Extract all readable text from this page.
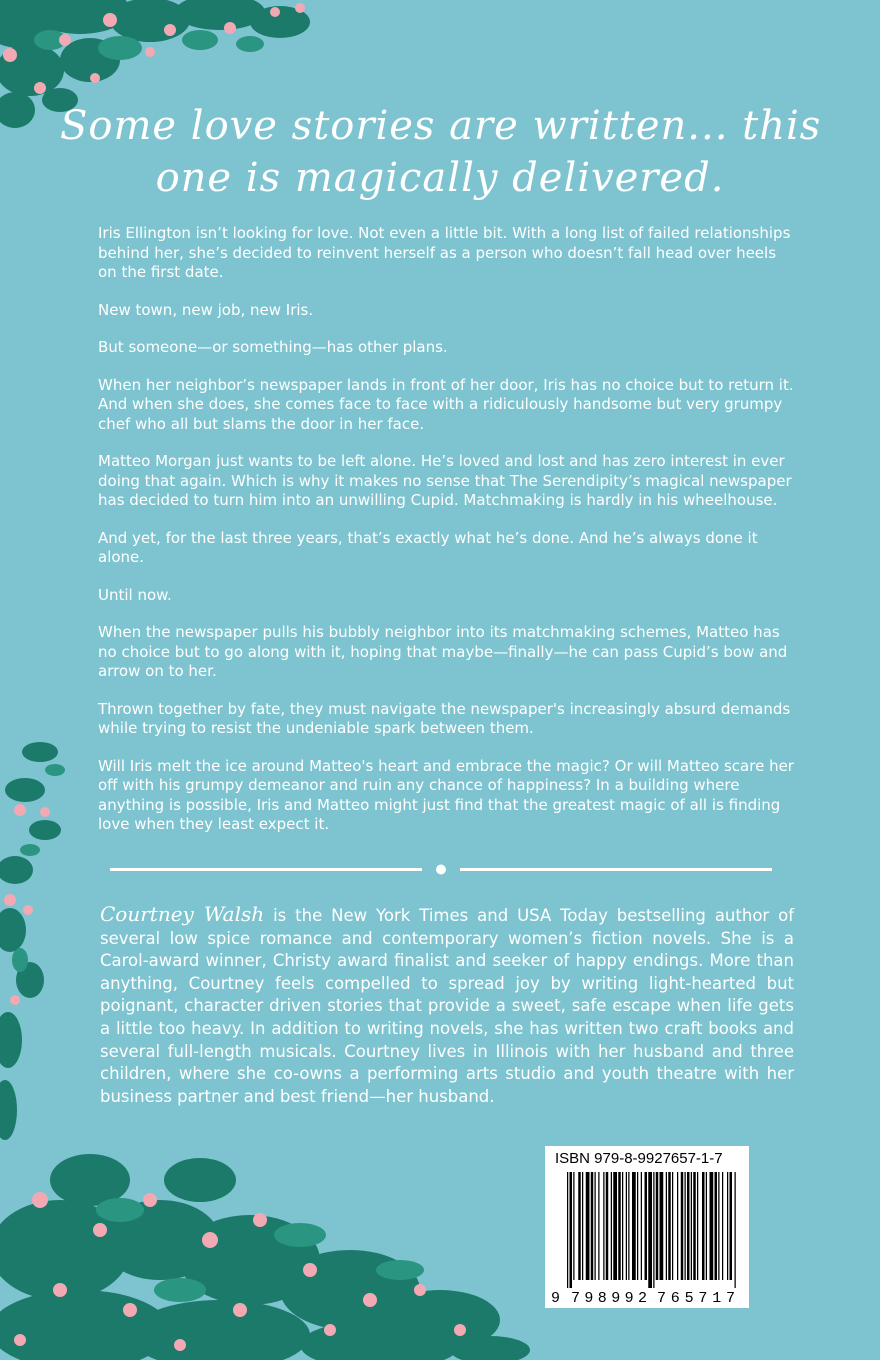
Some love stories are written... this
one is magically delivered.

Iris Ellington isn’t looking for love. Not even a little bit. With a long list of failed relationships behind her, she’s decided to reinvent herself as a person who doesn’t fall head over heels on the first date.

New town, new job, new Iris.

But someone—or something—has other plans.

When her neighbor’s newspaper lands in front of her door, Iris has no choice but to return it. And when she does, she comes face to face with a ridiculously handsome but very grumpy chef who all but slams the door in her face.

Matteo Morgan just wants to be left alone. He’s loved and lost and has zero interest in ever doing that again. Which is why it makes no sense that The Serendipity’s magical newspaper has decided to turn him into an unwilling Cupid. Matchmaking is hardly in his wheelhouse.

And yet, for the last three years, that’s exactly what he’s done. And he’s always done it alone.

Until now.

When the newspaper pulls his bubbly neighbor into its matchmaking schemes, Matteo has no choice but to go along with it, hoping that maybe—finally—he can pass Cupid’s bow and arrow on to her.

Thrown together by fate, they must navigate the newspaper's increasingly absurd demands while trying to resist the undeniable spark between them.

Will Iris melt the ice around Matteo's heart and embrace the magic? Or will Matteo scare her off with his grumpy demeanor and ruin any chance of happiness? In a building where anything is possible, Iris and Matteo might just find that the greatest magic of all is finding love when they least expect it.

Courtney Walsh is the New York Times and USA Today bestselling author of several low spice romance and contemporary women’s fiction novels. She is a Carol-award winner, Christy award finalist and seeker of happy endings. More than anything, Courtney feels compelled to spread joy by writing light-hearted but poignant, character driven stories that provide a sweet, safe escape when life gets a little too heavy. In addition to writing novels, she has written two craft books and several full-length musicals. Courtney lives in Illinois with her husband and three children, where she co-owns a performing arts studio and youth theatre with her business partner and best friend—her husband.
ISBN 979-8-9927657-1-7
9 798992 765717
